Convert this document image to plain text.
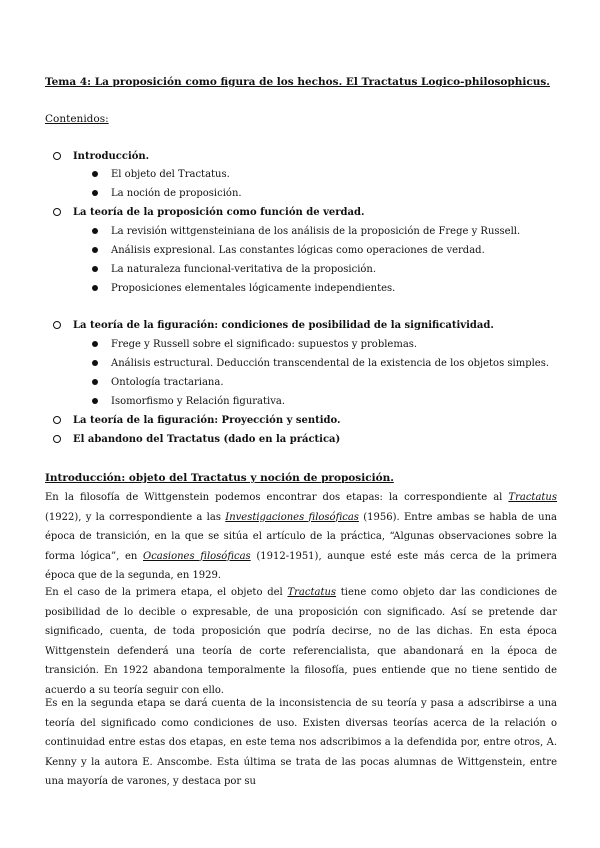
Tema 4: La proposición como figura de los hechos. El Tractatus Logico-philosophicus.
Contenidos:
Introducción.
El objeto del Tractatus.
La noción de proposición.
La teoría de la proposición como función de verdad.
La revisión wittgensteiniana de los análisis de la proposición de Frege y Russell.
Análisis expresional. Las constantes lógicas como operaciones de verdad.
La naturaleza funcional-veritativa de la proposición.
Proposiciones elementales lógicamente independientes.
La teoría de la figuración: condiciones de posibilidad de la significatividad.
Frege y Russell sobre el significado: supuestos y problemas.
Análisis estructural. Deducción transcendental de la existencia de los objetos simples.
Ontología tractariana.
Isomorfismo y Relación figurativa.
La teoría de la figuración: Proyección y sentido.
El abandono del Tractatus (dado en la práctica)
Introducción: objeto del Tractatus y noción de proposición.
En la filosofía de Wittgenstein podemos encontrar dos etapas: la correspondiente al Tractatus (1922), y la correspondiente a las Investigaciones filosóficas (1956). Entre ambas se habla de una época de transición, en la que se sitúa el artículo de la práctica, “Algunas observaciones sobre la forma lógica”, en Ocasiones filosóficas (1912-1951), aunque esté este más cerca de la primera época que de la segunda, en 1929.
En el caso de la primera etapa, el objeto del Tractatus tiene como objeto dar las condiciones de posibilidad de lo decible o expresable, de una proposición con significado. Así se pretende dar significado, cuenta, de toda proposición que podría decirse, no de las dichas. En esta época Wittgenstein defenderá una teoría de corte referencialista, que abandonará en la época de transición. En 1922 abandona temporalmente la filosofía, pues entiende que no tiene sentido de acuerdo a su teoría seguir con ello.
Es en la segunda etapa se dará cuenta de la inconsistencia de su teoría y pasa a adscribirse a una teoría del significado como condiciones de uso. Existen diversas teorías acerca de la relación o continuidad entre estas dos etapas, en este tema nos adscribimos a la defendida por, entre otros, A. Kenny y la autora E. Anscombe. Esta última se trata de las pocas alumnas de Wittgenstein, entre una mayoría de varones, y destaca por su
